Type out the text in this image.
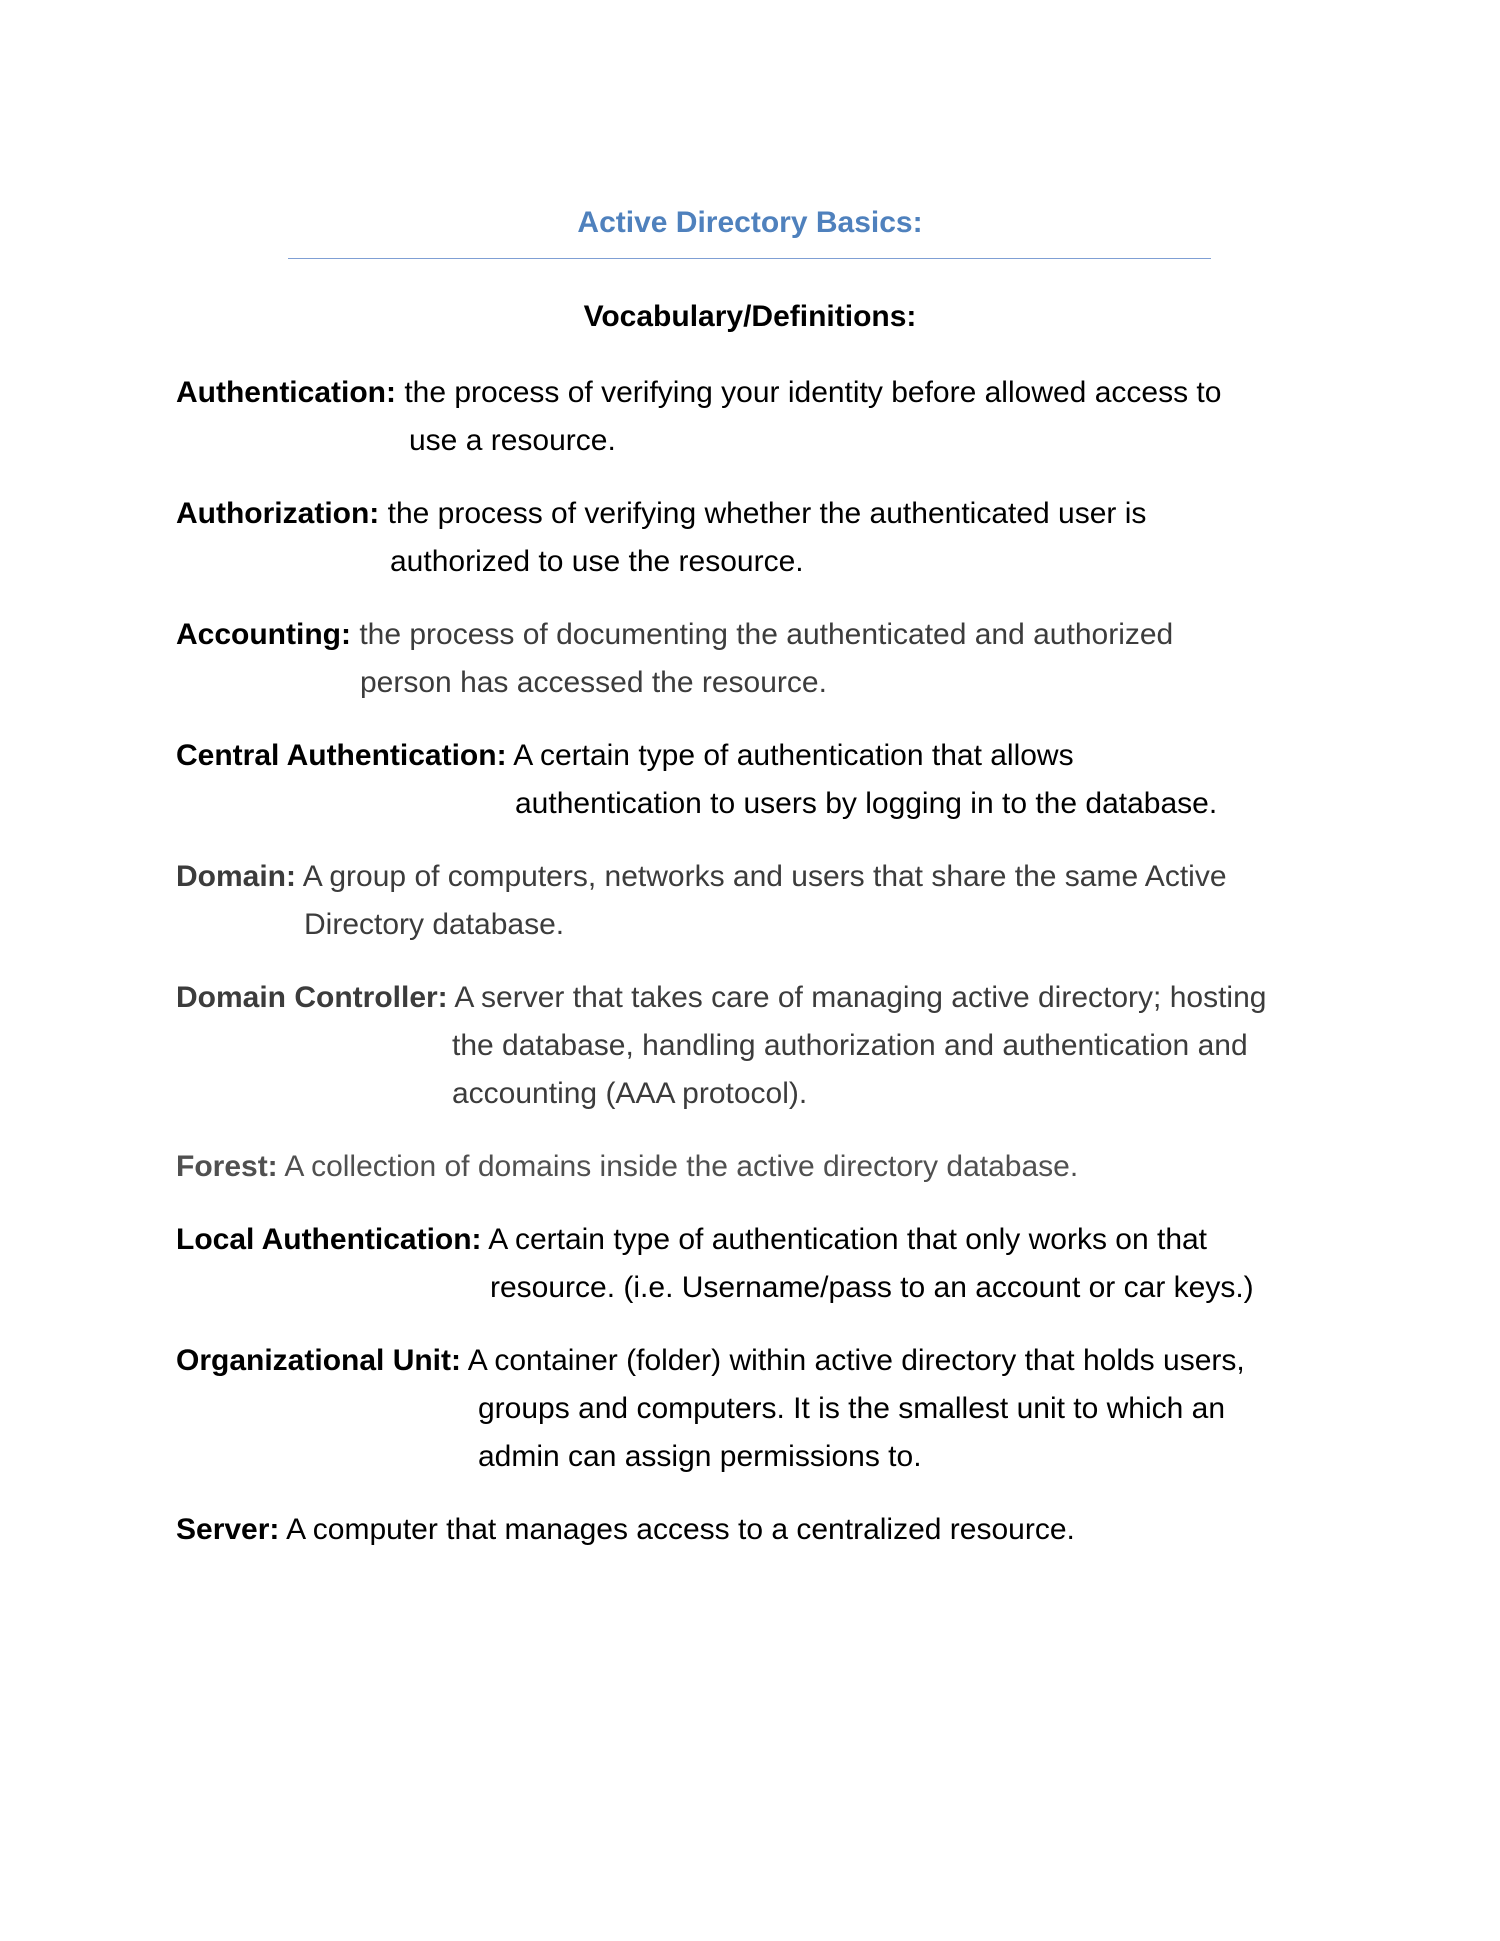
Active Directory Basics:
Vocabulary/Definitions:
Authentication: the process of verifying your identity before allowed access to
use a resource.
Authorization: the process of verifying whether the authenticated user is
authorized to use the resource.
Accounting: the process of documenting the authenticated and authorized
person has accessed the resource.
Central Authentication: A certain type of authentication that allows
authentication to users by logging in to the database.
Domain: A group of computers, networks and users that share the same Active
Directory database.
Domain Controller: A server that takes care of managing active directory; hosting
the database, handling authorization and authentication and
accounting (AAA protocol).
Forest: A collection of domains inside the active directory database.
Local Authentication: A certain type of authentication that only works on that
resource. (i.e. Username/pass to an account or car keys.)
Organizational Unit: A container (folder) within active directory that holds users,
groups and computers. It is the smallest unit to which an
admin can assign permissions to.
Server: A computer that manages access to a centralized resource.
